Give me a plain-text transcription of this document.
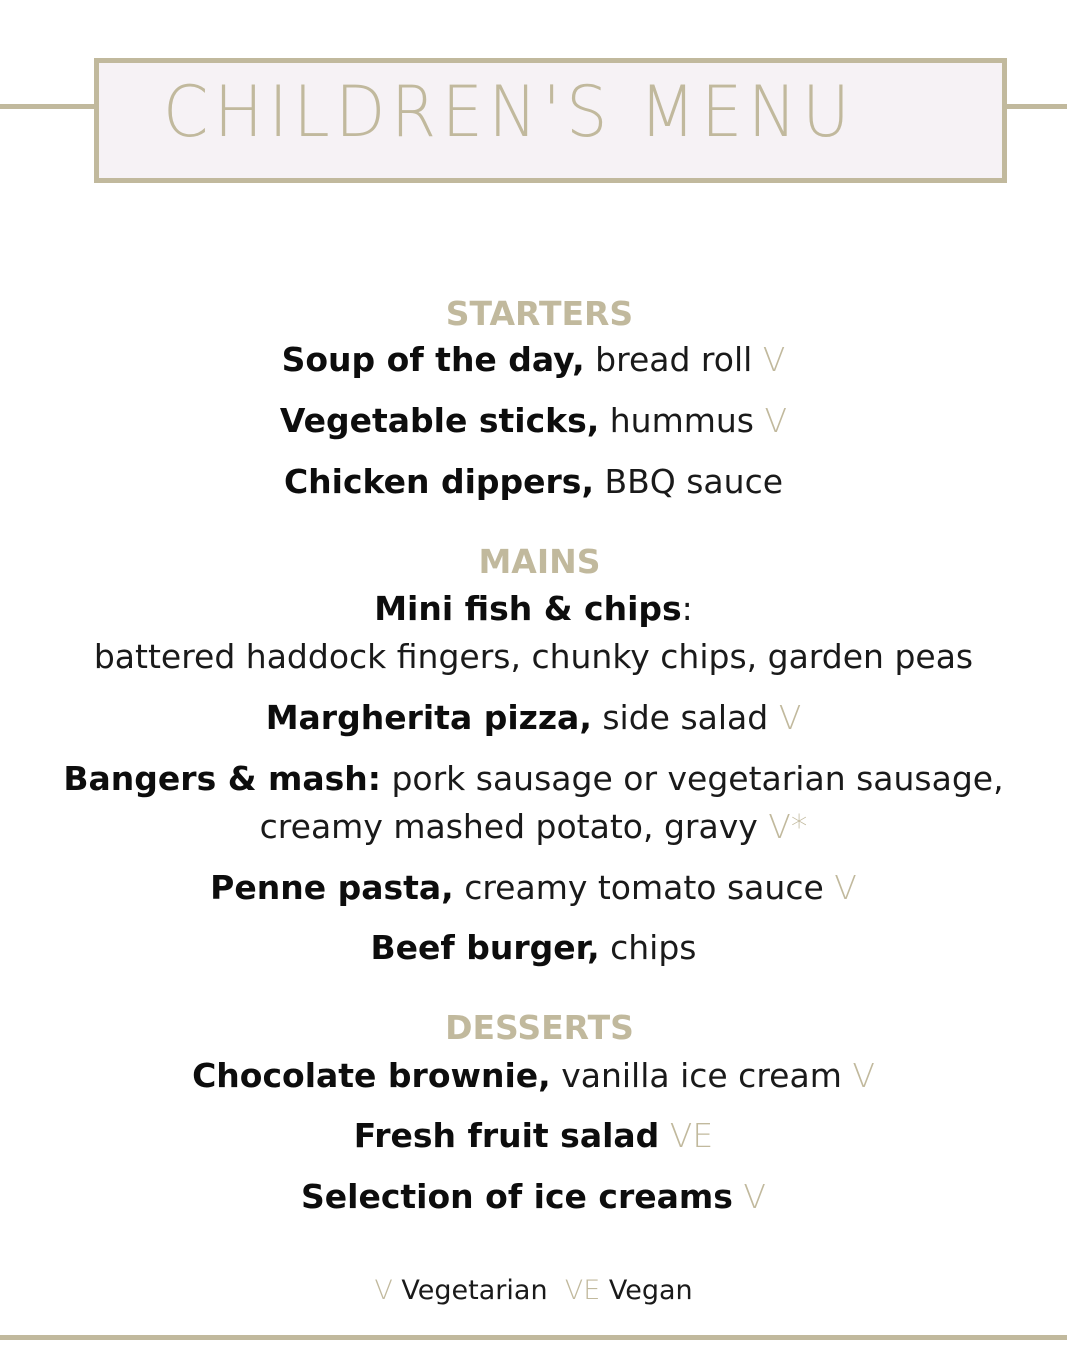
CHILDREN'S MENU
STARTERS
Soup of the day, bread roll V
Vegetable sticks, hummus V
Chicken dippers, BBQ sauce
MAINS
Mini fish & chips:
battered haddock fingers, chunky chips, garden peas
Margherita pizza, side salad V
Bangers & mash: pork sausage or vegetarian sausage,
creamy mashed potato, gravy V*
Penne pasta, creamy tomato sauce V
Beef burger, chips
DESSERTS
Chocolate brownie, vanilla ice cream V
Fresh fruit salad VE
Selection of ice creams V
V Vegetarian VE Vegan
